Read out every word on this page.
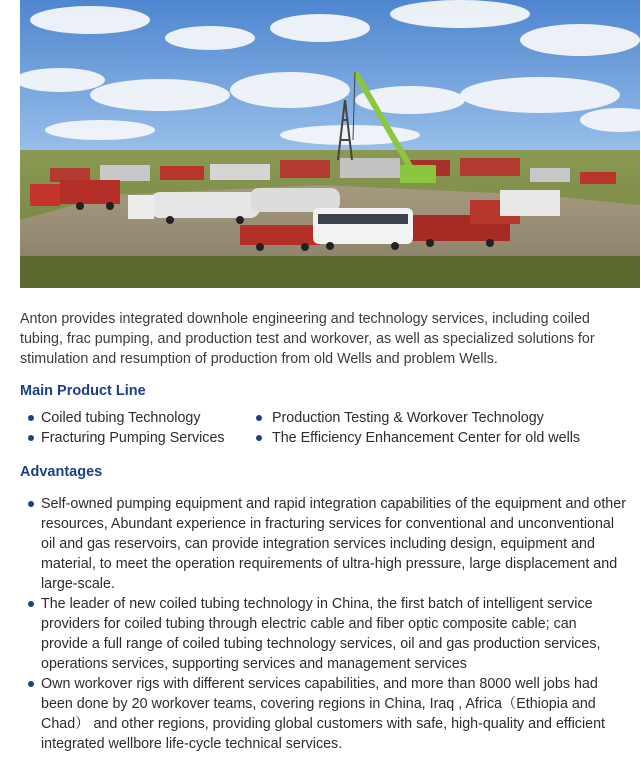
Anton provides integrated downhole engineering and technology services, including coiled tubing, frac pumping, and production test and workover, as well as specialized solutions for stimulation and resumption of production from old Wells and problem Wells.

Main Product Line
Coiled tubing Technology	Production Testing & Workover Technology
Fracturing Pumping Services	The Efficiency Enhancement Center for old wells
Advantages
Self-owned pumping equipment and rapid integration capabilities of the equipment and other resources, Abundant experience in fracturing services for conventional and unconventional oil and gas reservoirs, can provide integration services including design, equipment and material, to meet the operation requirements of ultra-high pressure, large displacement and large-scale.
The leader of new coiled tubing technology in China, the first batch of intelligent service providers for coiled tubing through electric cable and fiber optic composite cable; can provide a full range of coiled tubing technology services, oil and gas production services, operations services, supporting services and management services
Own workover rigs with different services capabilities, and more than 8000 well jobs had been done by 20 workover teams, covering regions in China, Iraq , Africa（Ethiopia and Chad） and other regions, providing global customers with safe, high-quality and efficient integrated wellbore life-cycle technical services.
